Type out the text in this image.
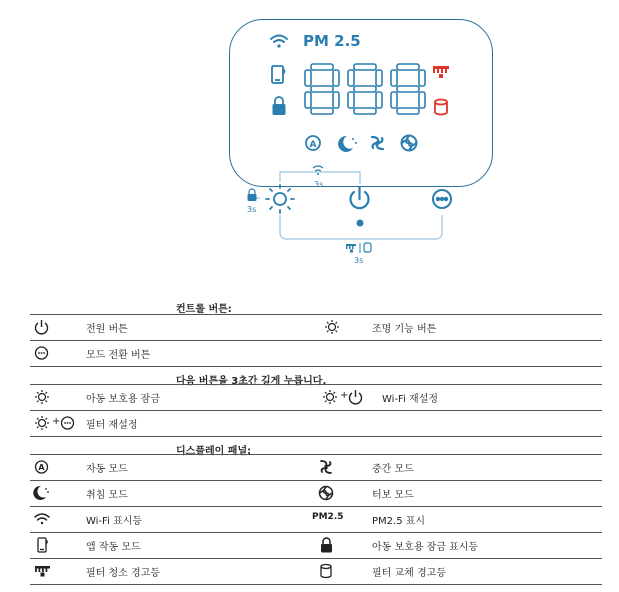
A
PM 2.5
3s
3s
3s
컨트롤 버튼:
전원 버튼	조명 기능 버튼
모드 전환 버튼
다음 버튼을 3초간 길게 누릅니다.
아동 보호용 잠금	+	Wi-Fi 재설정
+	필터 재설정
디스플레이 패널:
A	자동 모드	중간 모드
취침 모드	터보 모드
Wi-Fi 표시등	PM2.5	PM2.5 표시
앱 작동 모드	아동 보호용 잠금 표시등
필터 청소 경고등	필터 교체 경고등
